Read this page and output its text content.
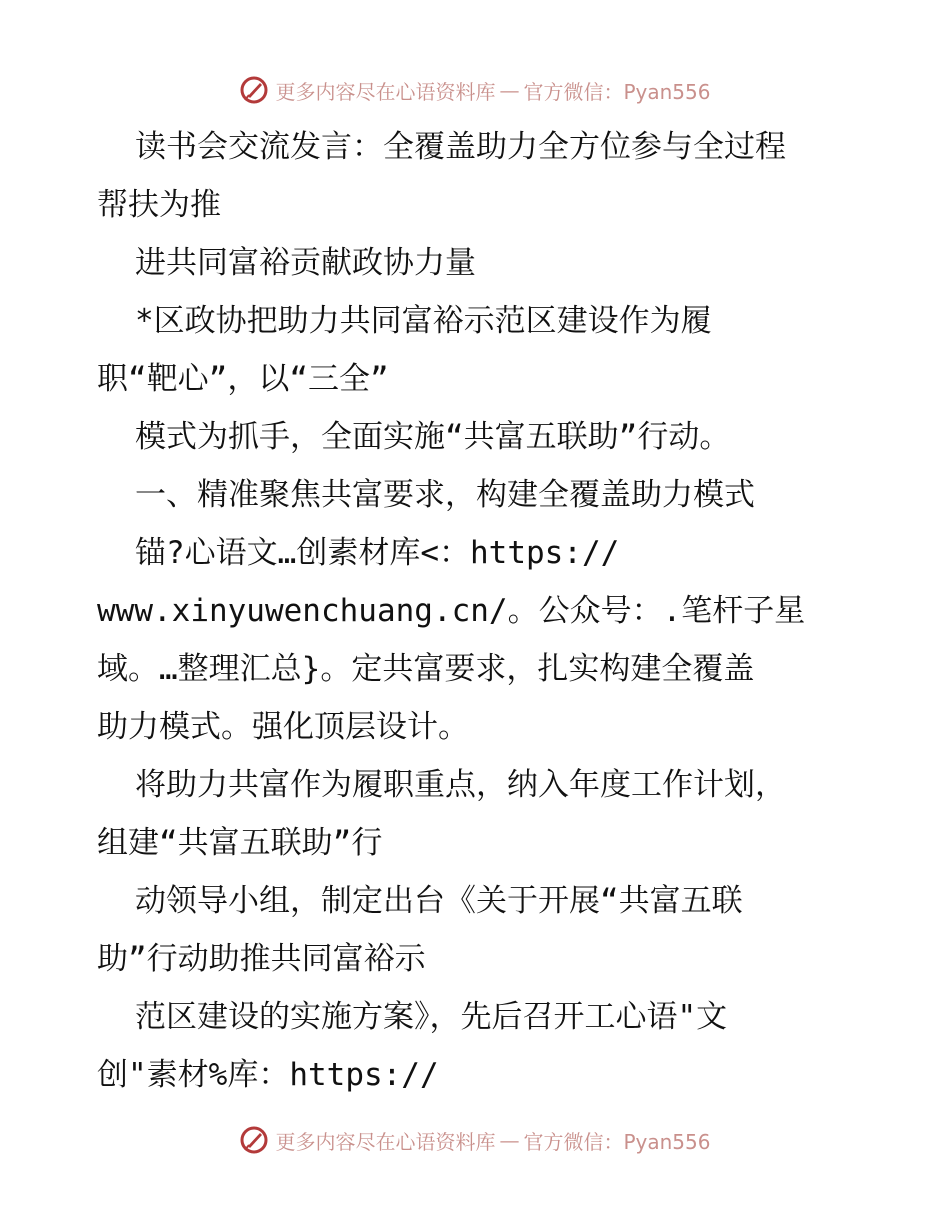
更多内容尽在心语资料库 — 官方微信：Pyan556
读书会交流发言：全覆盖助力全方位参与全过程
帮扶为推
进共同富裕贡献政协力量
*区政协把助力共同富裕示范区建设作为履
职“靶心”，以“三全”
模式为抓手，全面实施“共富五联助”行动。
一、精准聚焦共富要求，构建全覆盖助力模式
锚?心语文…创素材库<：https://
www.xinyuwenchuang.cn/。公众号：.笔杆子星
域。…整理汇总}。定共富要求，扎实构建全覆盖
助力模式。强化顶层设计。
将助力共富作为履职重点，纳入年度工作计划，
组建“共富五联助”行
动领导小组，制定出台《关于开展“共富五联
助”行动助推共同富裕示
范区建设的实施方案》，先后召开工心语"文
创"素材%库：https://
更多内容尽在心语资料库 — 官方微信：Pyan556
